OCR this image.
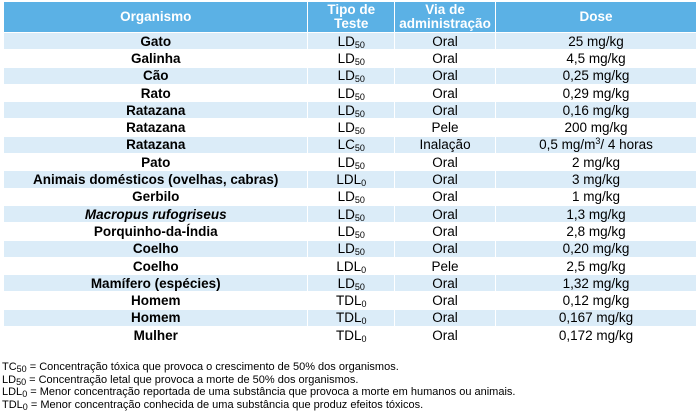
Organismo	Tipo de Teste	Via de administração	Dose
Gato	$LD_{50}$	Oral	25 mg/kg
Galinha	$LD_{50}$	Oral	4,5 mg/kg
Cão	$LD_{50}$	Oral	0,25 mg/kg
Rato	$LD_{50}$	Oral	0,29 mg/kg
Ratazana	$LD_{50}$	Oral	0,16 mg/kg
Ratazana	$LD_{50}$	Pele	200 mg/kg
Ratazana	$LC_{50}$	Inalação	0,5 $mg/m^3/$ 4 horas
Pato	$LD_{50}$	Oral	2 mg/kg
Animais domésticos (ovelhas, cabras)	$LDL_0$	Oral	3 mg/kg
Gerbilo	$LD_{50}$	Oral	1 mg/kg
Macropus rufogriseus	$LD_{50}$	Oral	1,3 mg/kg
Porquinho-da-Índia	$LD_{50}$	Oral	2,8 mg/kg
Coelho	$LD_{50}$	Oral	0,20 mg/kg
Coelho	$LDL_0$	Pele	2,5 mg/kg
Mamífero (espécies)	$LD_{50}$	Oral	1,32 mg/kg
Homem	$TDL_0$	Oral	0,12 mg/kg
Homem	$TDL_0$	Oral	0,167 mg/kg
Mulher	$TDL_0$	Oral	0,172 mg/kg
$TC_{50}$ = Concentração tóxica que provoca o crescimento de 50% dos organismos.
$LD_{50}$ = Concentração letal que provoca a morte de 50% dos organismos.
$LDL_0$ = Menor concentração reportada de uma substância que provoca a morte em humanos ou animais.
$TDL_0$ = Menor concentração conhecida de uma substância que produz efeitos tóxicos.
